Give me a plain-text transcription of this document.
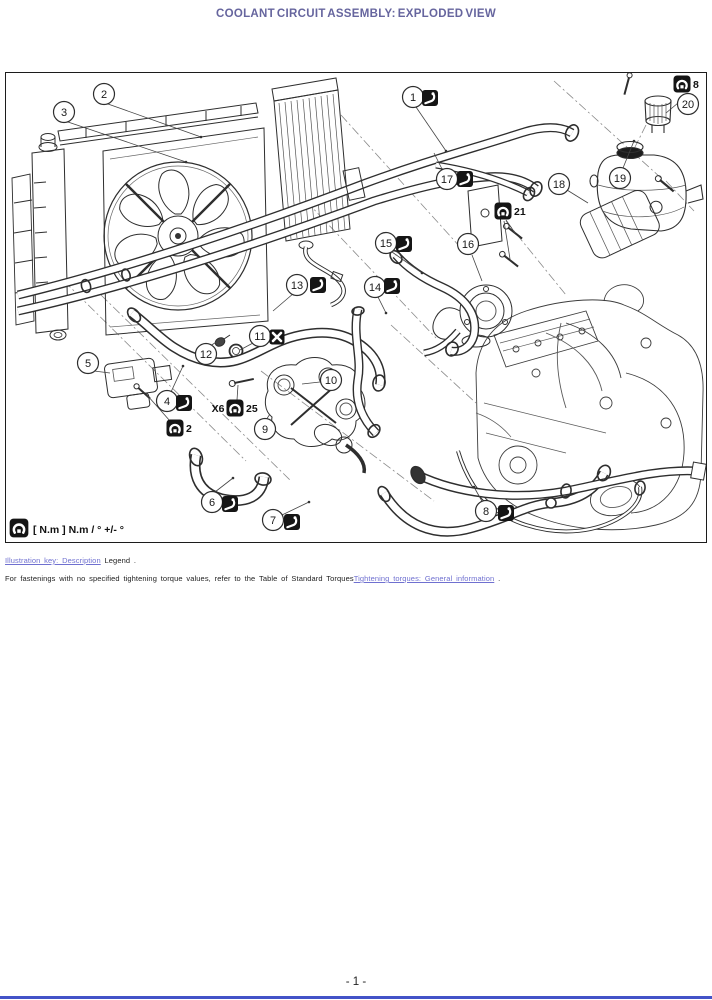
COOLANT CIRCUIT ASSEMBLY: EXPLODED VIEW
1
2
3
4
5
6
7
8
9
10
11
12
13	14
15	16
17	18	19
20
8
21
X6 25
2
[ N.m ] N.m / ° +/- °

Illustration key: Description Legend .

For fastenings with no specified tightening torque values, refer to the Table of Standard TorquesTightening torques: General information .

- 1 -
